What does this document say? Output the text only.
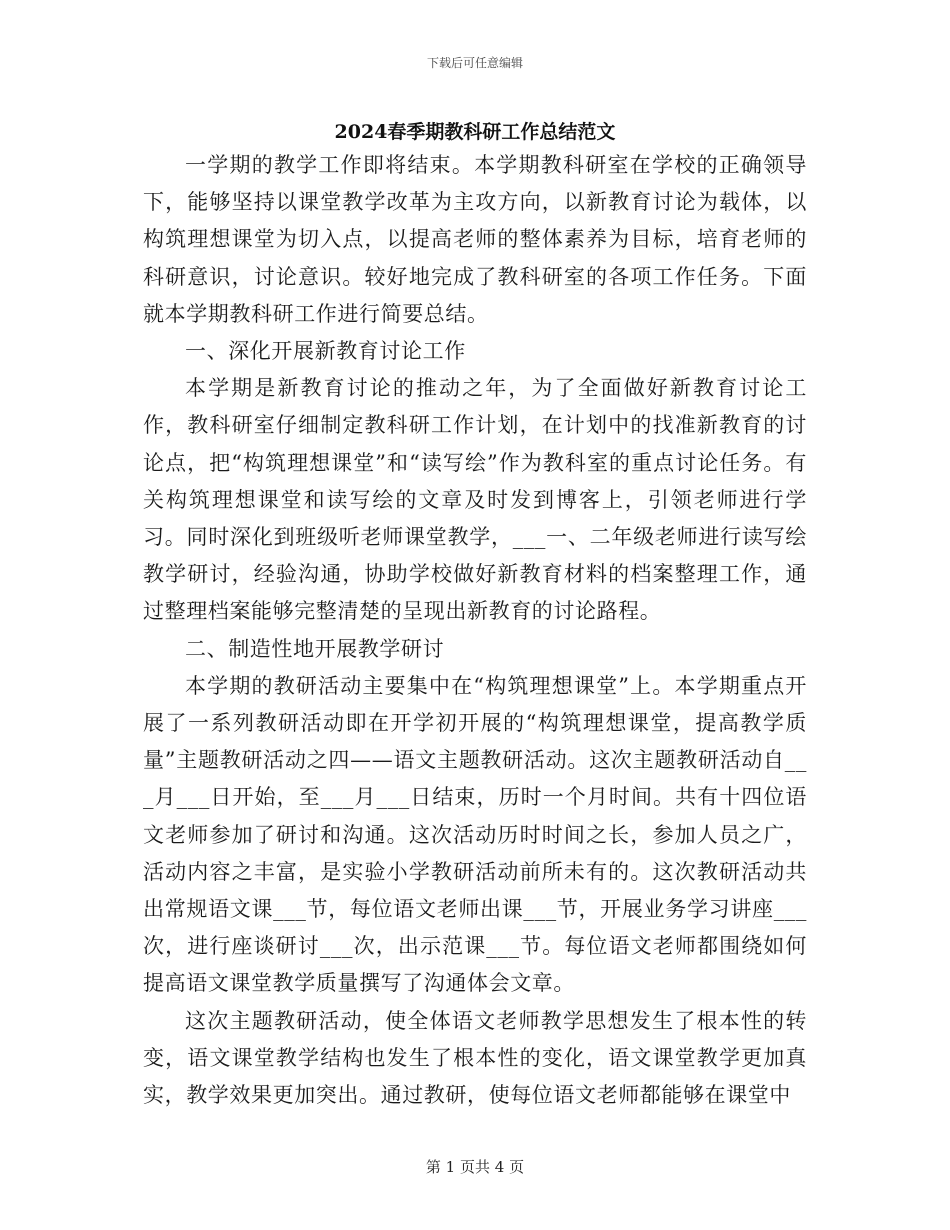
下载后可任意编辑
2024春季期教科研工作总结范文

一学期的教学工作即将结束。本学期教科研室在学校的正确领导下，能够坚持以课堂教学改革为主攻方向，以新教育讨论为载体，以构筑理想课堂为切入点，以提高老师的整体素养为目标，培育老师的科研意识，讨论意识。较好地完成了教科研室的各项工作任务。下面就本学期教科研工作进行简要总结。

一、深化开展新教育讨论工作

本学期是新教育讨论的推动之年，为了全面做好新教育讨论工作，教科研室仔细制定教科研工作计划，在计划中的找准新教育的讨论点，把“构筑理想课堂”和“读写绘”作为教科室的重点讨论任务。有关构筑理想课堂和读写绘的文章及时发到博客上，引领老师进行学习。同时深化到班级听老师课堂教学，___一、二年级老师进行读写绘教学研讨，经验沟通，协助学校做好新教育材料的档案整理工作，通过整理档案能够完整清楚的呈现出新教育的讨论路程。

二、制造性地开展教学研讨

本学期的教研活动主要集中在“构筑理想课堂”上。本学期重点开展了一系列教研活动即在开学初开展的“构筑理想课堂，提高教学质量”主题教研活动之四——语文主题教研活动。这次主题教研活动自___月___日开始，至___月___日结束，历时一个月时间。共有十四位语文老师参加了研讨和沟通。这次活动历时时间之长，参加人员之广，活动内容之丰富，是实验小学教研活动前所未有的。这次教研活动共出常规语文课___节，每位语文老师出课___节，开展业务学习讲座___次，进行座谈研讨___次，出示范课___节。每位语文老师都围绕如何提高语文课堂教学质量撰写了沟通体会文章。

这次主题教研活动，使全体语文老师教学思想发生了根本性的转变，语文课堂教学结构也发生了根本性的变化，语文课堂教学更加真实，教学效果更加突出。通过教研，使每位语文老师都能够在课堂中

第 1 页共 4 页
